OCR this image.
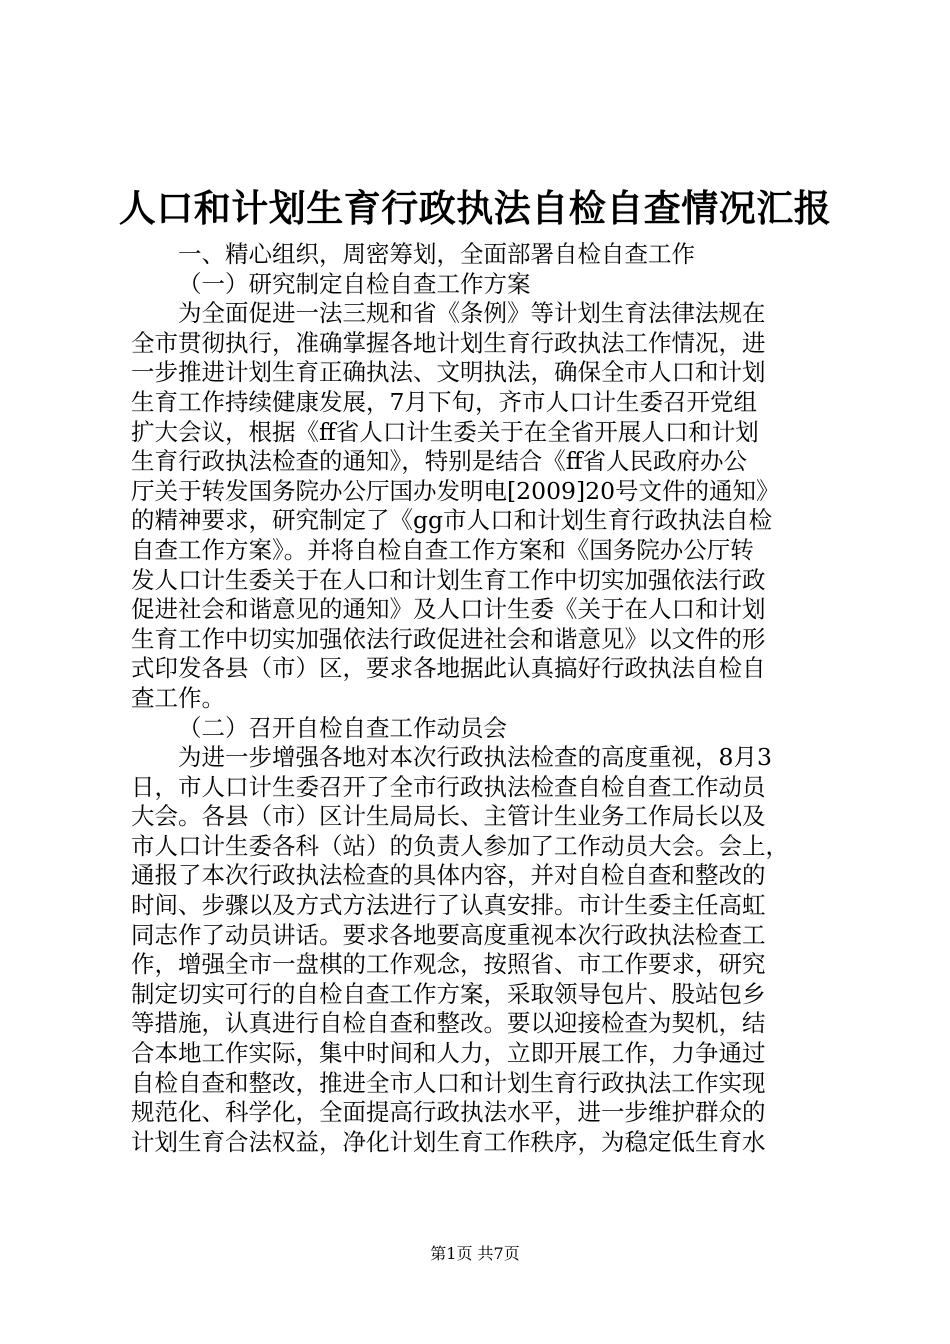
人口和计划生育行政执法自检自查情况汇报
一、精心组织，周密筹划，全面部署自检自查工作
（一）研究制定自检自查工作方案
为全面促进一法三规和省《条例》等计划生育法律法规在
全市贯彻执行，准确掌握各地计划生育行政执法工作情况，进
一步推进计划生育正确执法、文明执法，确保全市人口和计划
生育工作持续健康发展，7月下旬，齐市人口计生委召开党组
扩大会议，根据《ff省人口计生委关于在全省开展人口和计划
生育行政执法检查的通知》，特别是结合《ff省人民政府办公
厅关于转发国务院办公厅国办发明电[2009]20号文件的通知》
的精神要求，研究制定了《gg市人口和计划生育行政执法自检
自查工作方案》。并将自检自查工作方案和《国务院办公厅转
发人口计生委关于在人口和计划生育工作中切实加强依法行政
促进社会和谐意见的通知》及人口计生委《关于在人口和计划
生育工作中切实加强依法行政促进社会和谐意见》以文件的形
式印发各县（市）区，要求各地据此认真搞好行政执法自检自
查工作。
（二）召开自检自查工作动员会
为进一步增强各地对本次行政执法检查的高度重视，8月3
日，市人口计生委召开了全市行政执法检查自检自查工作动员
大会。各县（市）区计生局局长、主管计生业务工作局长以及
市人口计生委各科（站）的负责人参加了工作动员大会。会上，
通报了本次行政执法检查的具体内容，并对自检自查和整改的
时间、步骤以及方式方法进行了认真安排。市计生委主任高虹
同志作了动员讲话。要求各地要高度重视本次行政执法检查工
作，增强全市一盘棋的工作观念，按照省、市工作要求，研究
制定切实可行的自检自查工作方案，采取领导包片、股站包乡
等措施，认真进行自检自查和整改。要以迎接检查为契机，结
合本地工作实际，集中时间和人力，立即开展工作，力争通过
自检自查和整改，推进全市人口和计划生育行政执法工作实现
规范化、科学化，全面提高行政执法水平，进一步维护群众的
计划生育合法权益，净化计划生育工作秩序，为稳定低生育水
第1页 共7页
